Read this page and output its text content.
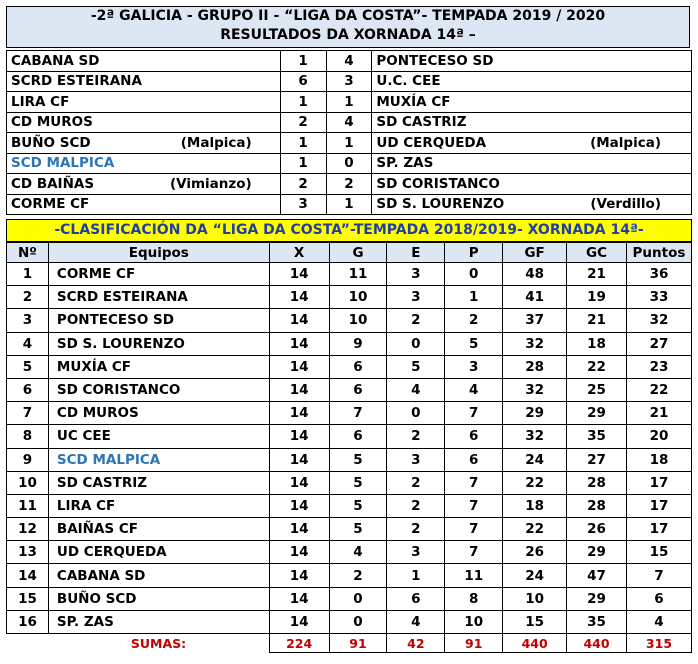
-2ª GALICIA - GRUPO II - “LIGA DA COSTA”- TEMPADA 2019 / 2020
RESULTADOS DA XORNADA 14ª –
CABANA SD	1	4	PONTECESO SD

SCRD ESTEIRANA	6	3	U.C. CEE

LIRA CF	1	1	MUXÍA CF

CD MUROS	2	4	SD CASTRIZ

BUÑO SCD (Malpica)	1	1	UD CERQUEDA (Malpica)

SCD MALPICA	1	0	SP. ZAS

CD BAIÑAS (Vimianzo)	2	2	SD CORISTANCO

CORME CF	3	1	SD S. LOURENZO (Verdillo)
-CLASIFICACIÓN DA “LIGA DA COSTA”-TEMPADA 2018/2019- XORNADA 14ª-
Nº	Equipos	X	G	E	P	GF	GC	Puntos
1	CORME CF	14	11	3	0	48	21	36
2	SCRD ESTEIRANA	14	10	3	1	41	19	33
3	PONTECESO SD	14	10	2	2	37	21	32
4	SD S. LOURENZO	14	9	0	5	32	18	27
5	MUXÍA CF	14	6	5	3	28	22	23
6	SD CORISTANCO	14	6	4	4	32	25	22
7	CD MUROS	14	7	0	7	29	29	21
8	UC CEE	14	6	2	6	32	35	20
9	SCD MALPICA	14	5	3	6	24	27	18
10	SD CASTRIZ	14	5	2	7	22	28	17
11	LIRA CF	14	5	2	7	18	28	17
12	BAIÑAS CF	14	5	2	7	22	26	17
13	UD CERQUEDA	14	4	3	7	26	29	15
14	CABANA SD	14	2	1	11	24	47	7
15	BUÑO SCD	14	0	6	8	10	29	6
16	SP. ZAS	14	0	4	10	15	35	4
	SUMAS:	224	91	42	91	440	440	315
